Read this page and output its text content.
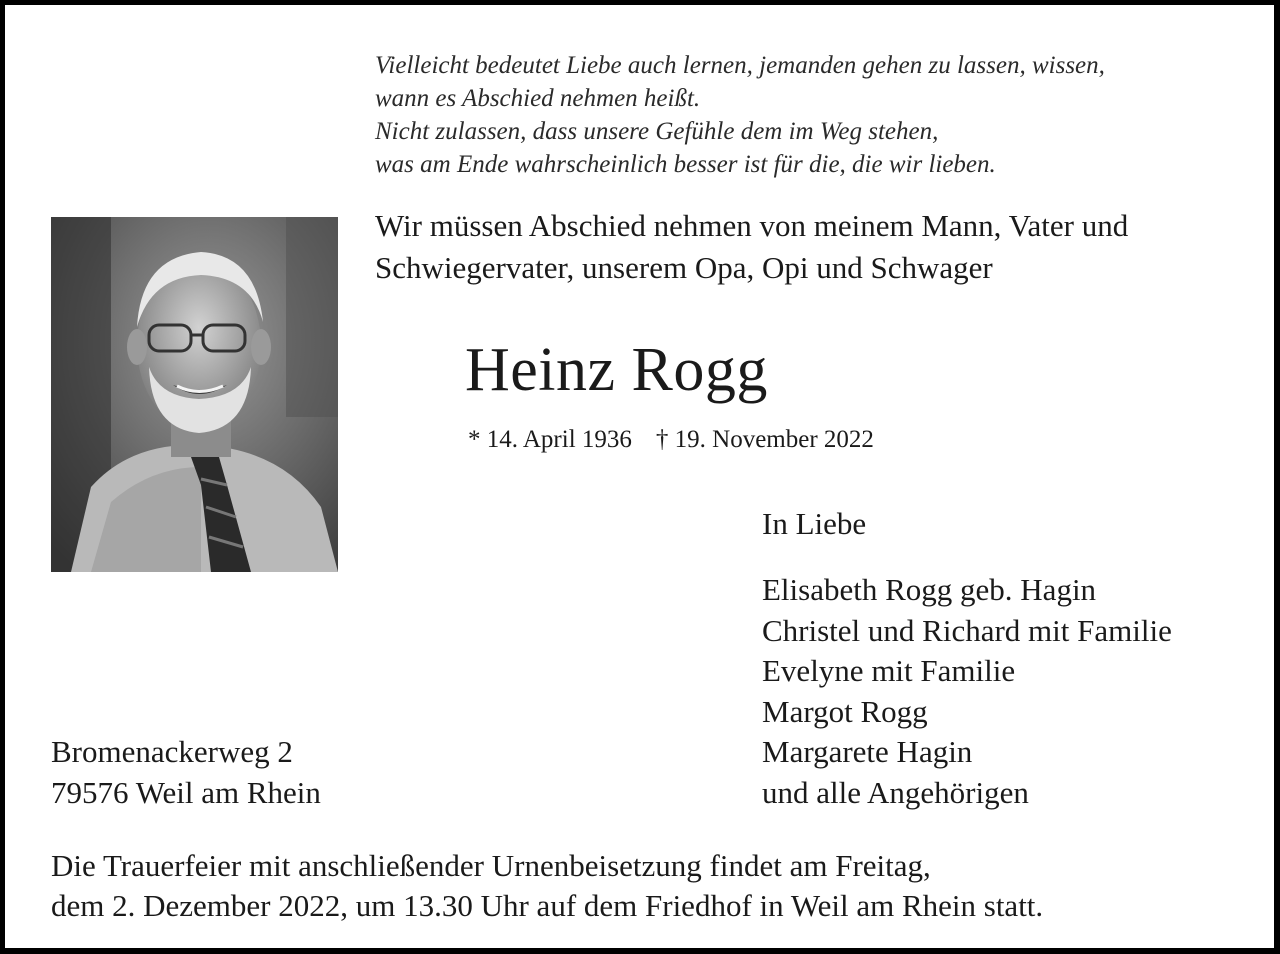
Vielleicht bedeutet Liebe auch lernen, jemanden gehen zu lassen, wissen,
wann es Abschied nehmen heißt.
Nicht zulassen, dass unsere Gefühle dem im Weg stehen,
was am Ende wahrscheinlich besser ist für die, die wir lieben.
Wir müssen Abschied nehmen von meinem Mann, Vater und
Schwiegervater, unserem Opa, Opi und Schwager
Heinz Rogg
* 14. April 1936 † 19. November 2022
In Liebe
Elisabeth Rogg geb. Hagin
Christel und Richard mit Familie
Evelyne mit Familie
Margot Rogg
Margarete Hagin
und alle Angehörigen
Bromenackerweg 2
79576 Weil am Rhein
Die Trauerfeier mit anschließender Urnenbeisetzung findet am Freitag,
dem 2. Dezember 2022, um 13.30 Uhr auf dem Friedhof in Weil am Rhein statt.
